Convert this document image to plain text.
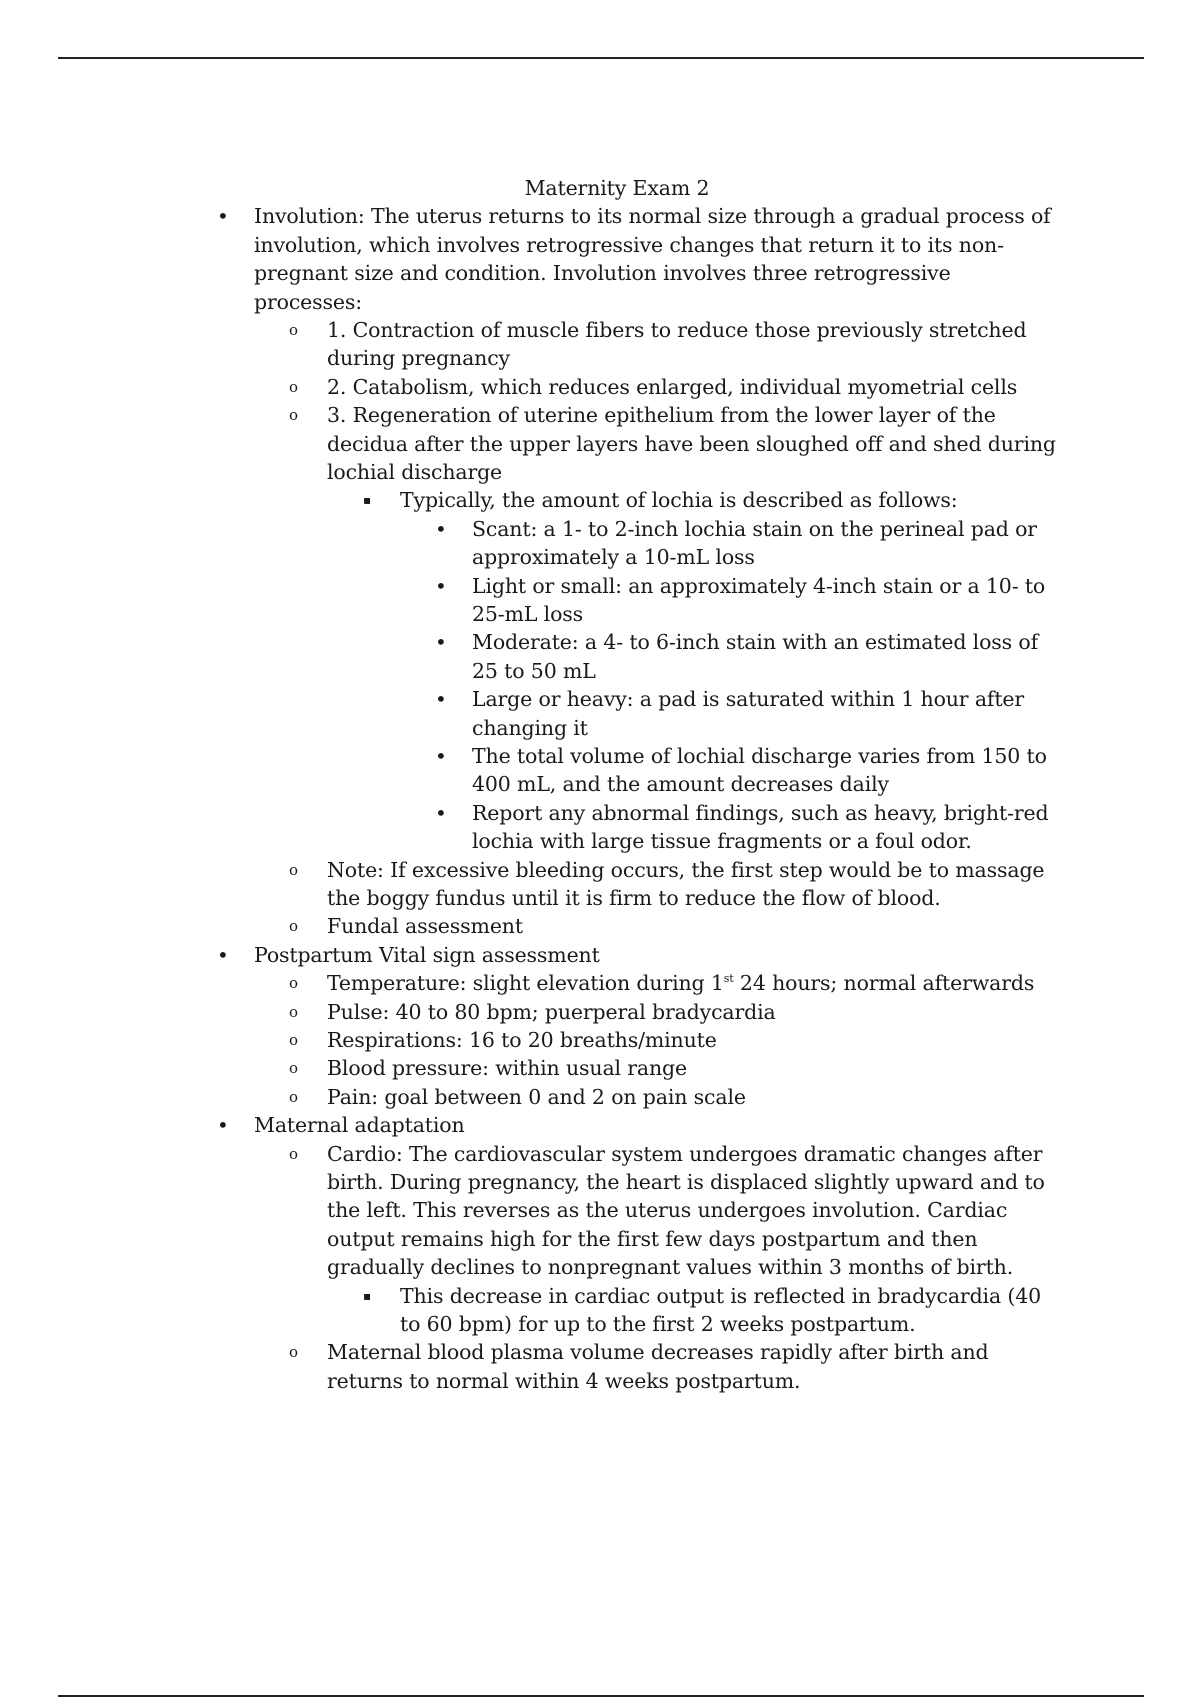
Maternity Exam 2
• Involution: The uterus returns to its normal size through a gradual process of involution, which involves retrogressive changes that return it to its non-pregnant size and condition. Involution involves three retrogressive processes:
o 1. Contraction of muscle fibers to reduce those previously stretched during pregnancy
o 2. Catabolism, which reduces enlarged, individual myometrial cells
o 3. Regeneration of uterine epithelium from the lower layer of the decidua after the upper layers have been sloughed off and shed during lochial discharge
▪ Typically, the amount of lochia is described as follows:
• Scant: a 1- to 2-inch lochia stain on the perineal pad or approximately a 10-mL loss
• Light or small: an approximately 4-inch stain or a 10- to 25-mL loss
• Moderate: a 4- to 6-inch stain with an estimated loss of 25 to 50 mL
• Large or heavy: a pad is saturated within 1 hour after changing it
• The total volume of lochial discharge varies from 150 to 400 mL, and the amount decreases daily
• Report any abnormal findings, such as heavy, bright-red lochia with large tissue fragments or a foul odor.
o Note: If excessive bleeding occurs, the first step would be to massage the boggy fundus until it is firm to reduce the flow of blood.
o Fundal assessment
• Postpartum Vital sign assessment
o Temperature: slight elevation during 1st 24 hours; normal afterwards
o Pulse: 40 to 80 bpm; puerperal bradycardia
o Respirations: 16 to 20 breaths/minute
o Blood pressure: within usual range
o Pain: goal between 0 and 2 on pain scale
• Maternal adaptation
o Cardio: The cardiovascular system undergoes dramatic changes after birth. During pregnancy, the heart is displaced slightly upward and to the left. This reverses as the uterus undergoes involution. Cardiac output remains high for the first few days postpartum and then gradually declines to nonpregnant values within 3 months of birth.
▪ This decrease in cardiac output is reflected in bradycardia (40 to 60 bpm) for up to the first 2 weeks postpartum.
o Maternal blood plasma volume decreases rapidly after birth and returns to normal within 4 weeks postpartum.
